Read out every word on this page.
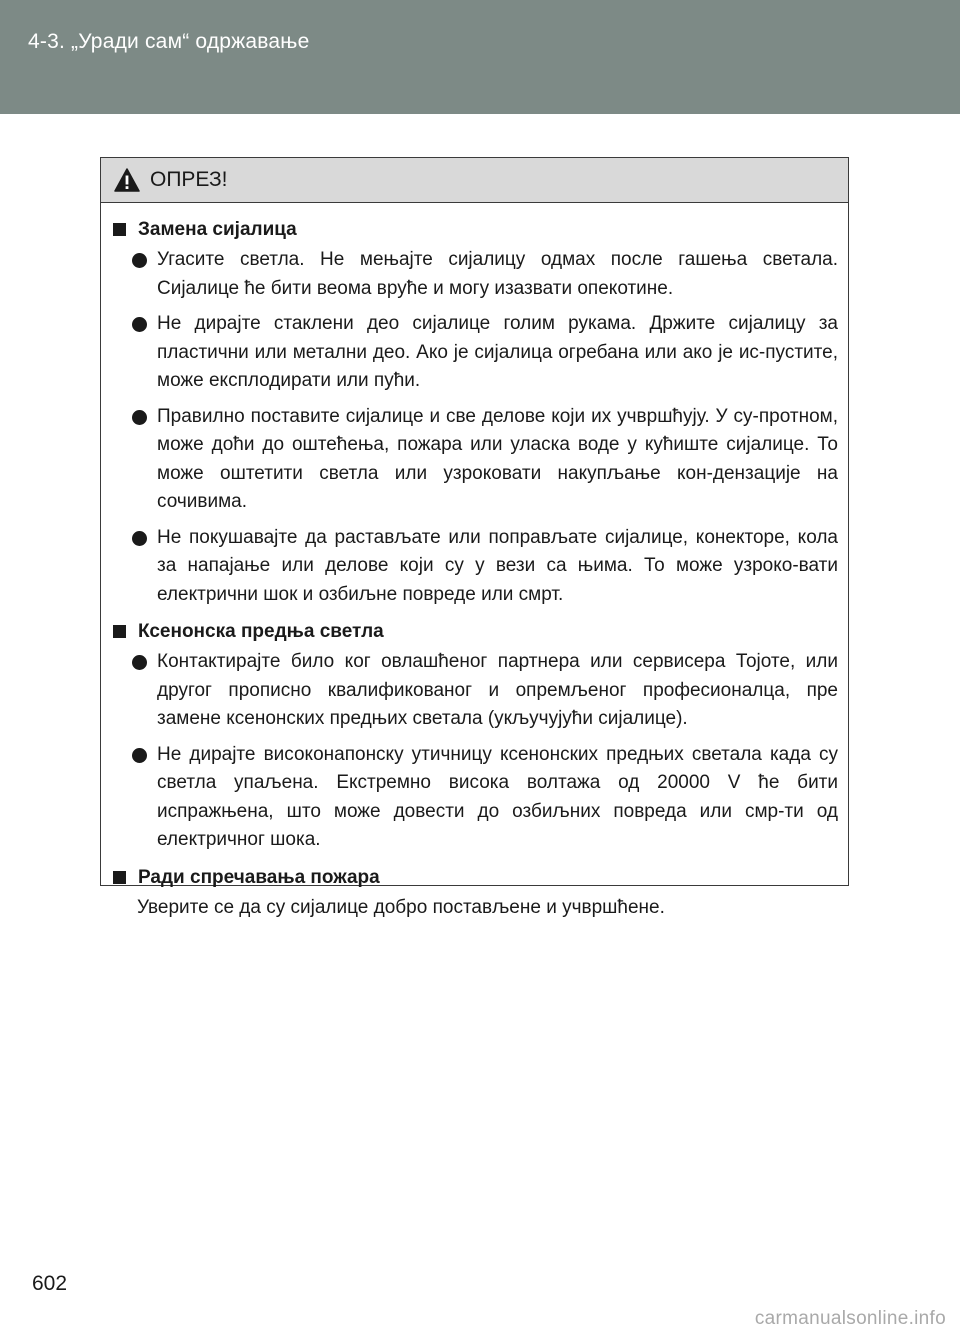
4-3. „Уради сам“ одржавање
ОПРЕЗ!
Замена сијалица
Угасите светла. Не мењајте сијалицу одмах после гашења светала. Сијалице ће бити веома вруће и могу изазвати опекотине.
Не дирајте стаклени део сијалице голим рукама. Држите сијалицу за пластични или метални део. Ако је сијалица огребана или ако је ис-пустите, може експлодирати или пући.
Правилно поставите сијалице и све делове који их учвршћују. У су-протном, може доћи до оштећења, пожара или уласка воде у кућиште сијалице. То може оштетити светла или узроковати накупљање кон-дензације на сочивима.
Не покушавајте да растављате или поправљате сијалице, конекторе, кола за напајање или делове који су у вези са њима. То може узроко-вати електрични шок и озбиљне повреде или смрт.
Ксенонска предња светла
Контактирајте било ког овлашћеног партнера или сервисера Тојоте, или другог прописно квалификованог и опремљеног професионалца, пре замене ксенонских предњих светала (укључујући сијалице).
Не дирајте високонапонску утичницу ксенонских предњих светала када су светла упаљена. Екстремно висока волтажа од 20000 V ће бити испражњена, што може довести до озбиљних повреда или смр-ти од електричног шока.
Ради спречавања пожара
Уверите се да су сијалице добро постављене и учвршћене.
602
carmanualsonline.info
